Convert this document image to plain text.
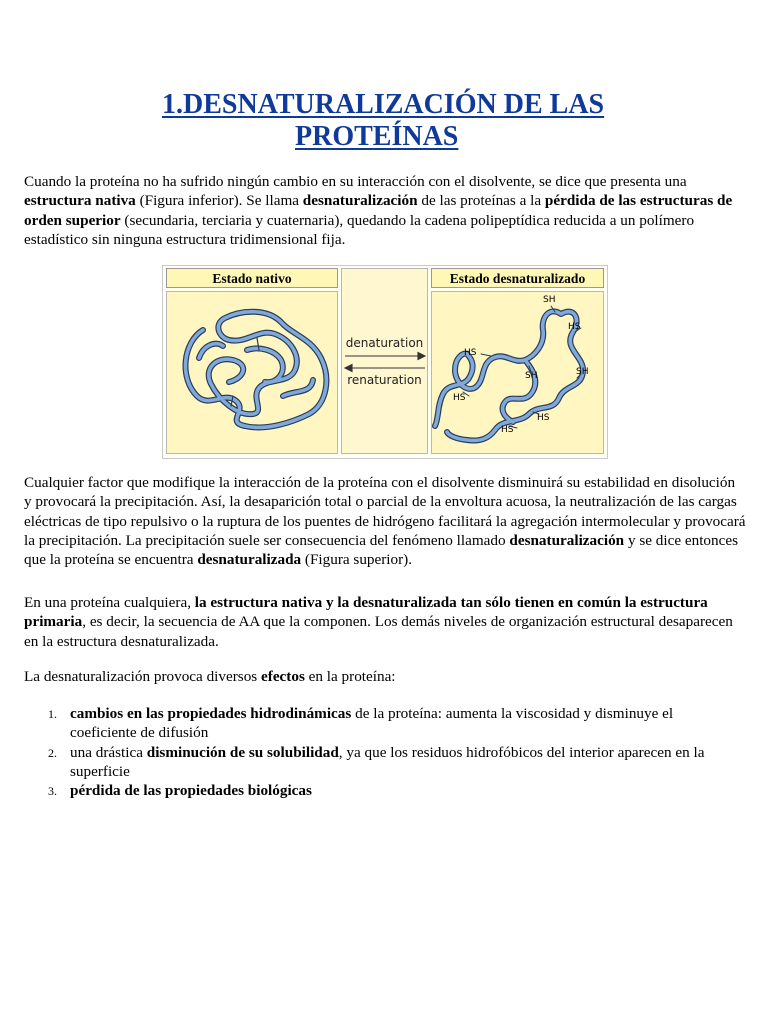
1.DESNATURALIZACIÓN DE LAS
PROTEÍNAS

Cuando la proteína no ha sufrido ningún cambio en su interacción con el disolvente, se dice que presenta una estructura nativa (Figura inferior). Se llama desnaturalización de las proteínas a la pérdida de las estructuras de orden superior (secundaria, terciaria y cuaternaria), quedando la cadena polipeptídica reducida a un polímero estadístico sin ninguna estructura tridimensional fija.

Estado nativo	Estado desnaturalizado
denaturation
renaturation
SH
HS
HS
SH	SH
HS
HS
HS

Cualquier factor que modifique la interacción de la proteína con el disolvente disminuirá su estabilidad en disolución y provocará la precipitación. Así, la desaparición total o parcial de la envoltura acuosa, la neutralización de las cargas eléctricas de tipo repulsivo o la ruptura de los puentes de hidrógeno facilitará la agregación intermolecular y provocará la precipitación. La precipitación suele ser consecuencia del fenómeno llamado desnaturalización y se dice entonces que la proteína se encuentra desnaturalizada (Figura superior).

En una proteína cualquiera, la estructura nativa y la desnaturalizada tan sólo tienen en común la estructura primaria, es decir, la secuencia de AA que la componen. Los demás niveles de organización estructural desaparecen en la estructura desnaturalizada.

La desnaturalización provoca diversos efectos en la proteína:

1. cambios en las propiedades hidrodinámicas de la proteína: aumenta la viscosidad y disminuye el coeficiente de difusión
2. una drástica disminución de su solubilidad, ya que los residuos hidrofóbicos del interior aparecen en la superficie
3. pérdida de las propiedades biológicas
